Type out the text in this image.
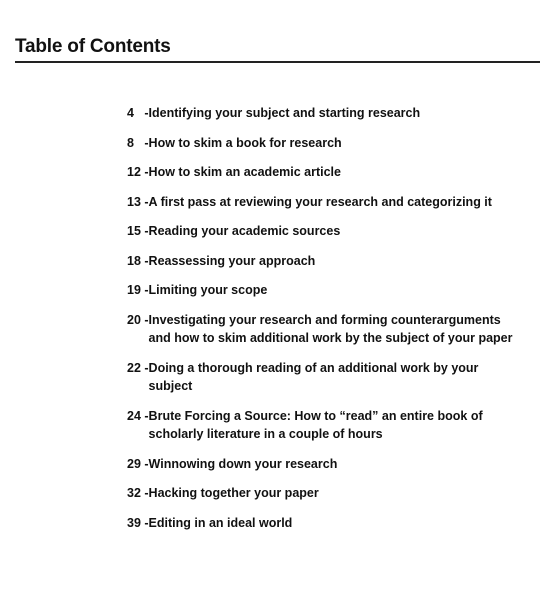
Table of Contents
4 - Identifying your subject and starting research
8 - How to skim a book for research
12 - How to skim an academic article
13 - A first pass at reviewing your research and categorizing it
15 - Reading your academic sources
18 - Reassessing your approach
19 - Limiting your scope
20 - Investigating your research and forming counterarguments and how to skim additional work by the subject of your paper
22 - Doing a thorough reading of an additional work by your subject
24 - Brute Forcing a Source: How to “read” an entire book of scholarly literature in a couple of hours
29 - Winnowing down your research
32 - Hacking together your paper
39 - Editing in an ideal world
